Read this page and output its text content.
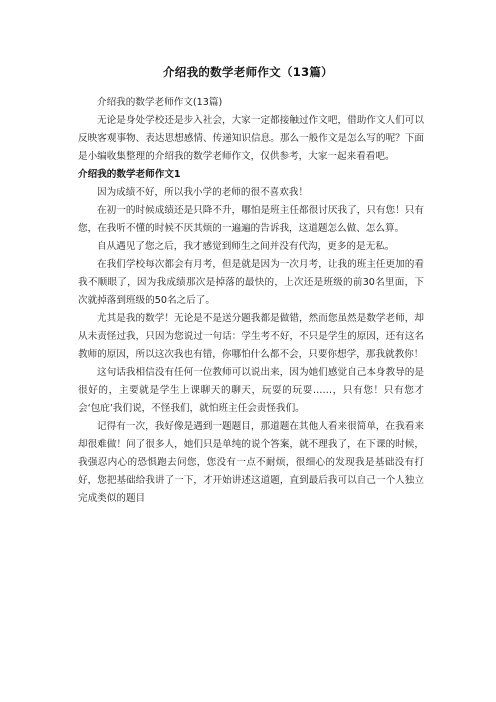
介绍我的数学老师作文（13篇）

介绍我的数学老师作文(13篇)

无论是身处学校还是步入社会，大家一定都接触过作文吧，借助作文人们可以反映客观事物、表达思想感情、传递知识信息。那么一般作文是怎么写的呢？下面是小编收集整理的介绍我的数学老师作文，仅供参考，大家一起来看看吧。

介绍我的数学老师作文1

因为成绩不好，所以我小学的老师的很不喜欢我！

在初一的时候成绩还是只降不升，哪怕是班主任都很讨厌我了，只有您！只有您，在我听不懂的时候不厌其烦的一遍遍的告诉我，这道题怎么做、怎么算。

自从遇见了您之后，我才感觉到师生之间并没有代沟，更多的是无私。

在我们学校每次都会有月考，但是就是因为一次月考，让我的班主任更加的看我不顺眼了，因为我成绩那次是掉落的最快的，上次还是班级的前30名里面，下次就掉落到班级的50名之后了。

尤其是我的数学！无论是不是送分题我都是做错，然而您虽然是数学老师，却从未责怪过我，只因为您说过一句话：学生考不好，不只是学生的原因，还有这名教师的原因，所以这次我也有错，你哪怕什么都不会，只要你想学，那我就教你！

这句话我相信没有任何一位教师可以说出来，因为她们感觉自己本身教导的是很好的，主要就是学生上课聊天的聊天，玩耍的玩耍……，只有您！只有您才会‘包庇’我们说，不怪我们，就怕班主任会责怪我们。

记得有一次，我好像是遇到一题题目，那道题在其他人看来很简单，在我看来却很难做！问了很多人，她们只是单纯的说个答案，就不理我了，在下课的时候，我强忍内心的恐惧跑去问您，您没有一点不耐烦，很细心的发现我是基础没有打好，您把基础给我讲了一下，才开始讲述这道题，直到最后我可以自己一个人独立完成类似的题目
